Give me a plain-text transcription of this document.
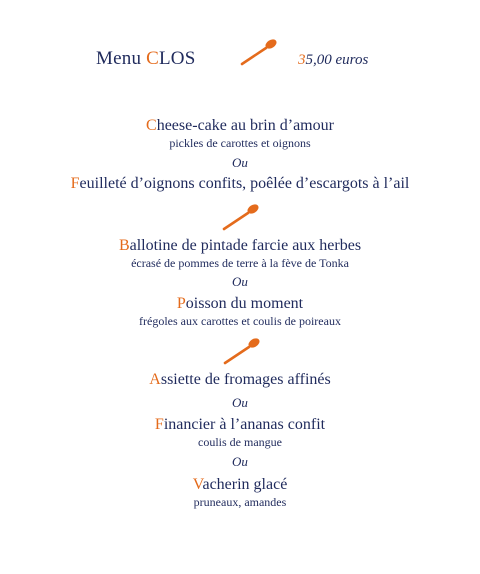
Menu CLOS	35,00 euros
Cheese-cake au brin d’amour
pickles de carottes et oignons
Ou
Feuilleté d’oignons confits, poêlée d’escargots à l’ail
Ballotine de pintade farcie aux herbes
écrasé de pommes de terre à la fève de Tonka
Ou
Poisson du moment
frégoles aux carottes et coulis de poireaux
Assiette de fromages affinés
Ou
Financier à l’ananas confit
coulis de mangue
Ou
Vacherin glacé
pruneaux, amandes
